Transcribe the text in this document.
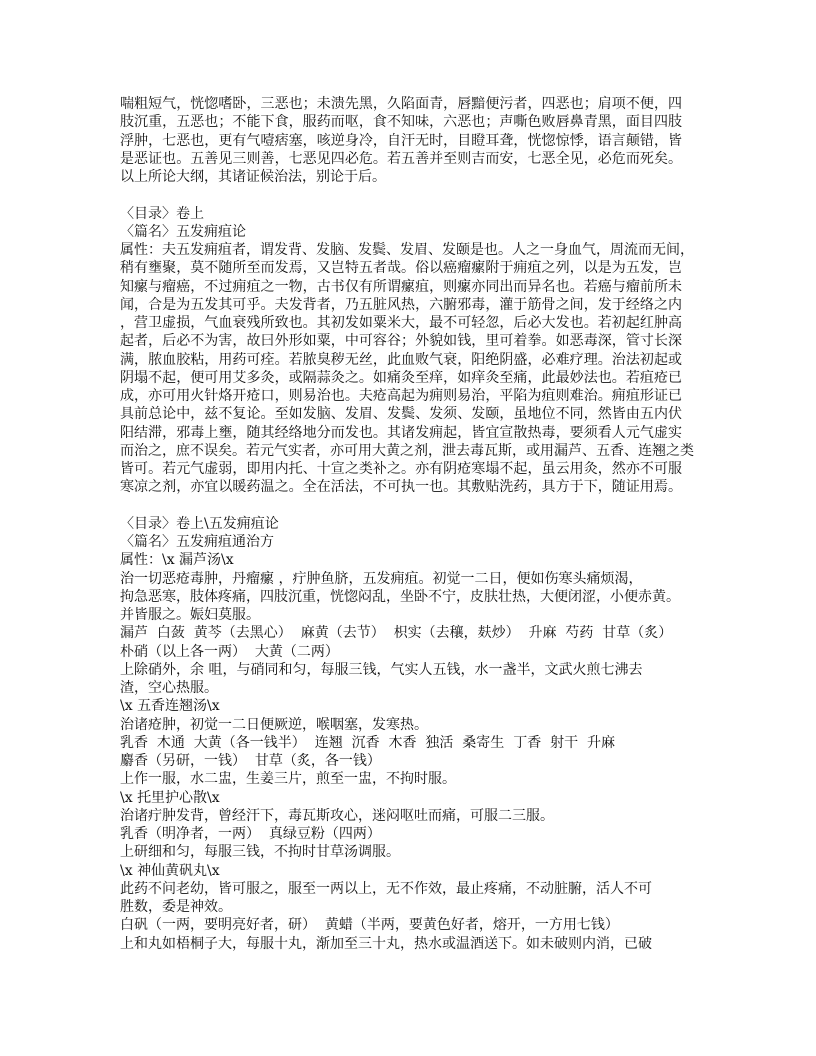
喘粗短气，恍惚嗜卧，三恶也；未溃先黑，久陷面青，唇黯便污者，四恶也；肩项不便，四
肢沉重，五恶也；不能下食，服药而呕，食不知味，六恶也；声嘶色败唇鼻青黑，面目四肢
浮肿，七恶也，更有气噎痞塞，咳逆身冷，自汗无时，目瞪耳聋，恍惚惊悸，语言颠错，皆
是恶证也。五善见三则善，七恶见四必危。若五善并至则吉而安，七恶全见，必危而死矣。
以上所论大纲，其诸证候治法，别论于后。
〈目录〉卷上
〈篇名〉五发痈疽论
属性：夫五发痈疽者，谓发背、发脑、发鬓、发眉、发颐是也。人之一身血气，周流而无间，
稍有壅聚，莫不随所至而发焉，又岂特五者哉。俗以癌瘤瘰附于痈疽之列，以是为五发，岂
知瘰与瘤癌，不过痈疽之一物，古书仅有所谓瘰疽，则瘰亦同出而异名也。若癌与瘤前所未
闻，合是为五发其可乎。夫发背者，乃五脏风热，六腑邪毒，灌于筋骨之间，发于经络之内
，营卫虚损，气血衰残所致也。其初发如粟米大，最不可轻忽，后必大发也。若初起红肿高
起者，后必不为害，故曰外形如粟，中可容谷；外貌如钱，里可着拳。如恶毒深，管寸长深
满，脓血胶粘，用药可痊。若脓臭秽无丝，此血败气衰，阳绝阴盛，必难疗理。治法初起或
阴塌不起，便可用艾多灸，或隔蒜灸之。如痛灸至痒，如痒灸至痛，此最妙法也。若疽疮已
成，亦可用火针烙开疮口，则易治也。夫疮高起为痈则易治，平陷为疽则难治。痈疽形证已
具前总论中，兹不复论。至如发脑、发眉、发鬓、发须、发颐，虽地位不同，然皆由五内伏
阳结滞，邪毒上壅，随其经络地分而发也。其诸发痈起，皆宜宣散热毒，要须看人元气虚实
而治之，庶不误矣。若元气实者，亦可用大黄之剂，泄去毒瓦斯，或用漏芦、五香、连翘之类
皆可。若元气虚弱，即用内托、十宣之类补之。亦有阴疮寒塌不起，虽云用灸，然亦不可服
寒凉之剂，亦宜以暖药温之。全在活法，不可执一也。其敷贴洗药，具方于下，随证用焉。
〈目录〉卷上\五发痈疽论
〈篇名〉五发痈疽通治方
属性：\x 漏芦汤\x
治一切恶疮毒肿，丹瘤瘰 ，疔肿鱼脐，五发痈疽。初觉一二日，便如伤寒头痛烦渴，
拘急恶寒，肢体疼痛，四肢沉重，恍惚闷乱，坐卧不宁，皮肤壮热，大便闭涩，小便赤黄。
并皆服之。娠妇莫服。
漏芦  白蔹  黄芩（去黑心）  麻黄（去节）  枳实（去穰，麸炒）  升麻  芍药  甘草（炙）
朴硝（以上各一两）  大黄（二两）
上除硝外，余 咀，与硝同和匀，每服三钱，气实人五钱，水一盏半，文武火煎七沸去
渣，空心热服。
\x 五香连翘汤\x
治诸疮肿，初觉一二日便厥逆，喉咽塞，发寒热。
乳香  木通  大黄（各一钱半）  连翘  沉香  木香  独活  桑寄生  丁香  射干  升麻
麝香（另研，一钱）  甘草（炙，各一钱）
上作一服，水二盅，生姜三片，煎至一盅，不拘时服。
\x 托里护心散\x
治诸疔肿发背，曾经汗下，毒瓦斯攻心，迷闷呕吐而痛，可服二三服。
乳香（明净者，一两）  真绿豆粉（四两）
上研细和匀，每服三钱，不拘时甘草汤调服。
\x 神仙黄矾丸\x
此药不问老幼，皆可服之，服至一两以上，无不作效，最止疼痛，不动脏腑，活人不可
胜数，委是神效。
白矾（一两，要明亮好者，研）  黄蜡（半两，要黄色好者，熔开，一方用七钱）
上和丸如梧桐子大，每服十丸，渐加至三十丸，热水或温酒送下。如未破则内消，已破
